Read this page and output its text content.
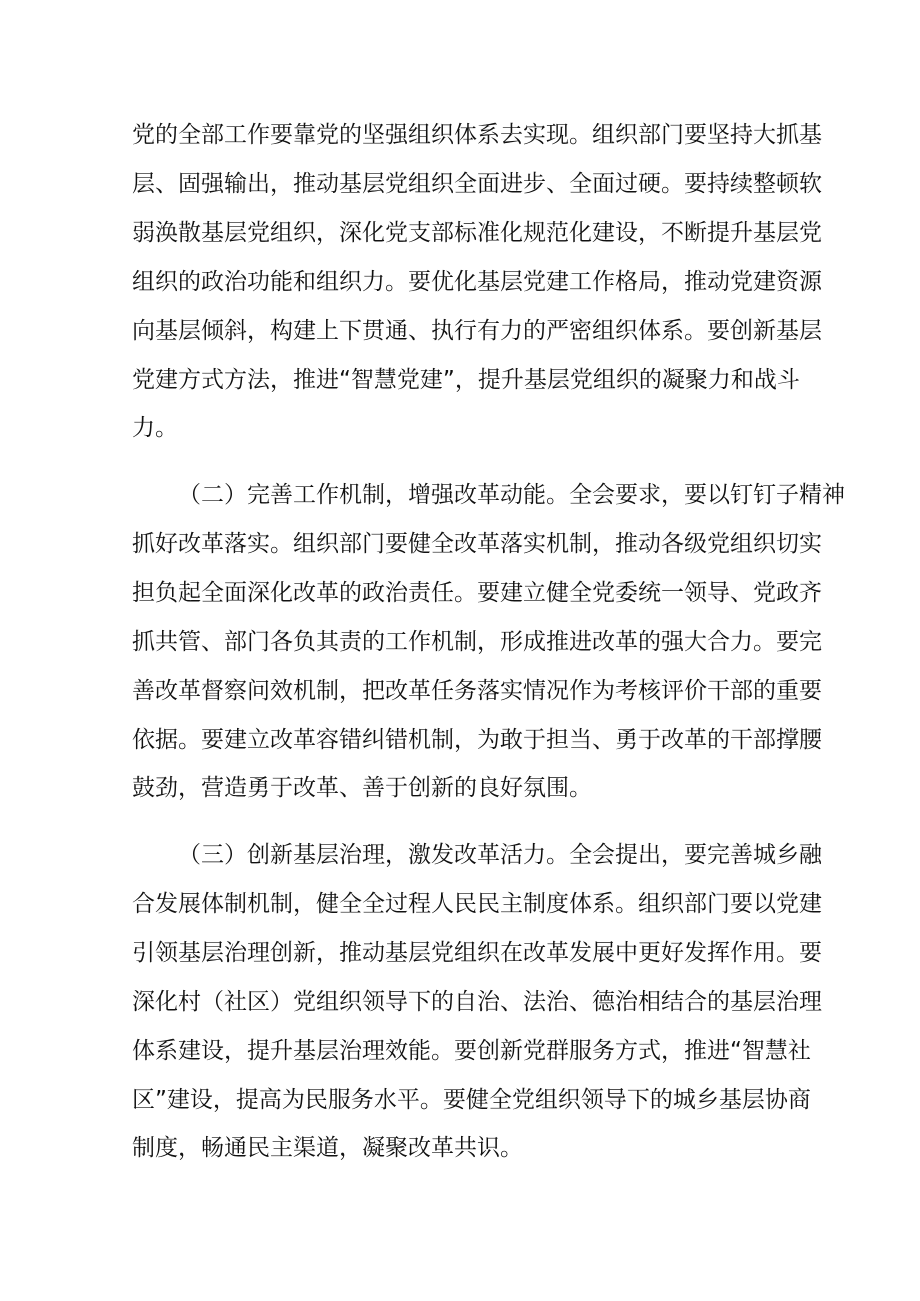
党的全部工作要靠党的坚强组织体系去实现。组织部门要坚持大抓基
层、固强输出，推动基层党组织全面进步、全面过硬。要持续整顿软
弱涣散基层党组织，深化党支部标准化规范化建设，不断提升基层党
组织的政治功能和组织力。要优化基层党建工作格局，推动党建资源
向基层倾斜，构建上下贯通、执行有力的严密组织体系。要创新基层
党建方式方法，推进“智慧党建”，提升基层党组织的凝聚力和战斗
力。
（二）完善工作机制，增强改革动能。全会要求，要以钉钉子精神
抓好改革落实。组织部门要健全改革落实机制，推动各级党组织切实
担负起全面深化改革的政治责任。要建立健全党委统一领导、党政齐
抓共管、部门各负其责的工作机制，形成推进改革的强大合力。要完
善改革督察问效机制，把改革任务落实情况作为考核评价干部的重要
依据。要建立改革容错纠错机制，为敢于担当、勇于改革的干部撑腰
鼓劲，营造勇于改革、善于创新的良好氛围。
（三）创新基层治理，激发改革活力。全会提出，要完善城乡融
合发展体制机制，健全全过程人民民主制度体系。组织部门要以党建
引领基层治理创新，推动基层党组织在改革发展中更好发挥作用。要
深化村（社区）党组织领导下的自治、法治、德治相结合的基层治理
体系建设，提升基层治理效能。要创新党群服务方式，推进“智慧社
区”建设，提高为民服务水平。要健全党组织领导下的城乡基层协商
制度，畅通民主渠道，凝聚改革共识。
